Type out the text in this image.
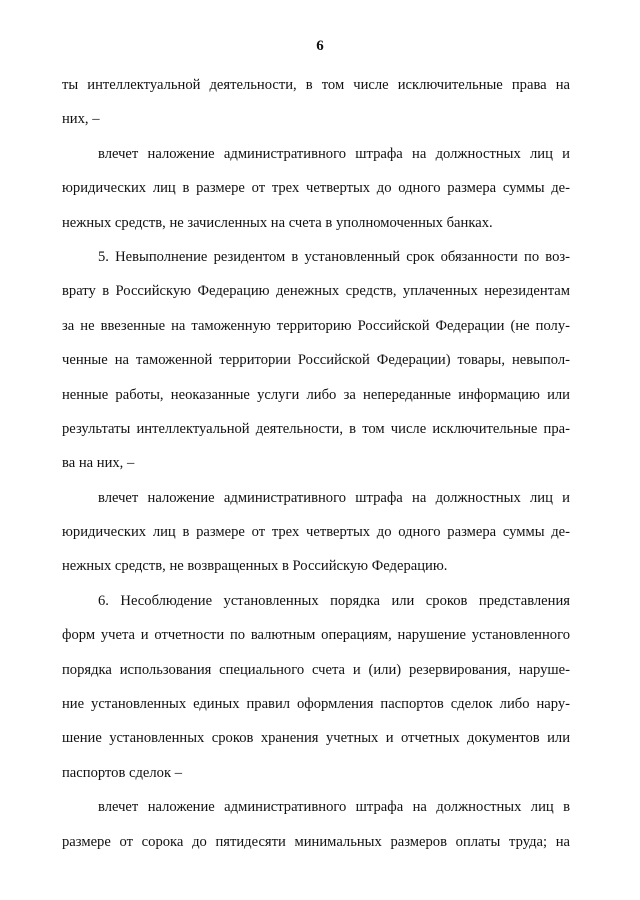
6
ты интеллектуальной деятельности, в том числе исключительные права на
них, –
влечет наложение административного штрафа на должностных лиц и
юридических лиц в размере от трех четвертых до одного размера суммы де-
нежных средств, не зачисленных на счета в уполномоченных банках.
5. Невыполнение резидентом в установленный срок обязанности по воз-
врату в Российскую Федерацию денежных средств, уплаченных нерезидентам
за не ввезенные на таможенную территорию Российской Федерации (не полу-
ченные на таможенной территории Российской Федерации) товары, невыпол-
ненные работы, неоказанные услуги либо за непереданные информацию или
результаты интеллектуальной деятельности, в том числе исключительные пра-
ва на них, –
влечет наложение административного штрафа на должностных лиц и
юридических лиц в размере от трех четвертых до одного размера суммы де-
нежных средств, не возвращенных в Российскую Федерацию.
6. Несоблюдение установленных порядка или сроков представления
форм учета и отчетности по валютным операциям, нарушение установленного
порядка использования специального счета и (или) резервирования, наруше-
ние установленных единых правил оформления паспортов сделок либо нару-
шение установленных сроков хранения учетных и отчетных документов или
паспортов сделок –
влечет наложение административного штрафа на должностных лиц в
размере от сорока до пятидесяти минимальных размеров оплаты труда; на
